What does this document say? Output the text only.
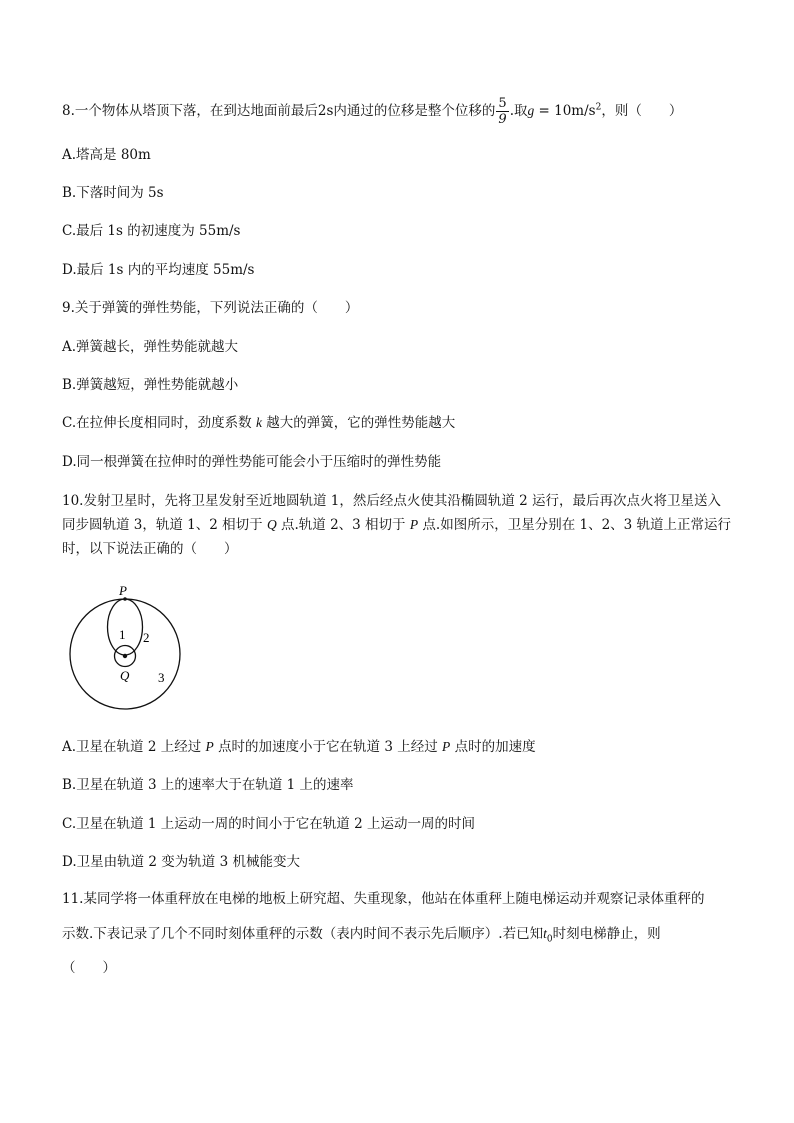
8.一个物体从塔顶下落，在到达地面前最后2s内通过的位移是整个位移的 $\frac{5}{9}$ .取$g = 10m/s^2$，则（　　）
A.塔高是 80m
B.下落时间为 5s
C.最后 1s 的初速度为 55m/s
D.最后 1s 内的平均速度 55m/s
9.关于弹簧的弹性势能，下列说法正确的（　　）
A.弹簧越长，弹性势能就越大
B.弹簧越短，弹性势能就越小
C.在拉伸长度相同时，劲度系数 k 越大的弹簧，它的弹性势能越大
D.同一根弹簧在拉伸时的弹性势能可能会小于压缩时的弹性势能
10.发射卫星时，先将卫星发射至近地圆轨道 1，然后经点火使其沿椭圆轨道 2 运行，最后再次点火将卫星送入
同步圆轨道 3，轨道 1、2 相切于 Q 点.轨道 2、3 相切于 P 点.如图所示，卫星分别在 1、2、3 轨道上正常运行
时，以下说法正确的（　　）
P
Q
1 2
3
A.卫星在轨道 2 上经过 P 点时的加速度小于它在轨道 3 上经过 P 点时的加速度
B.卫星在轨道 3 上的速率大于在轨道 1 上的速率
C.卫星在轨道 1 上运动一周的时间小于它在轨道 2 上运动一周的时间
D.卫星由轨道 2 变为轨道 3 机械能变大
11.某同学将一体重秤放在电梯的地板上研究超、失重现象，他站在体重秤上随电梯运动并观察记录体重秤的
示数.下表记录了几个不同时刻体重秤的示数（表内时间不表示先后顺序）.若已知$t_0$时刻电梯静止，则
（　　）
